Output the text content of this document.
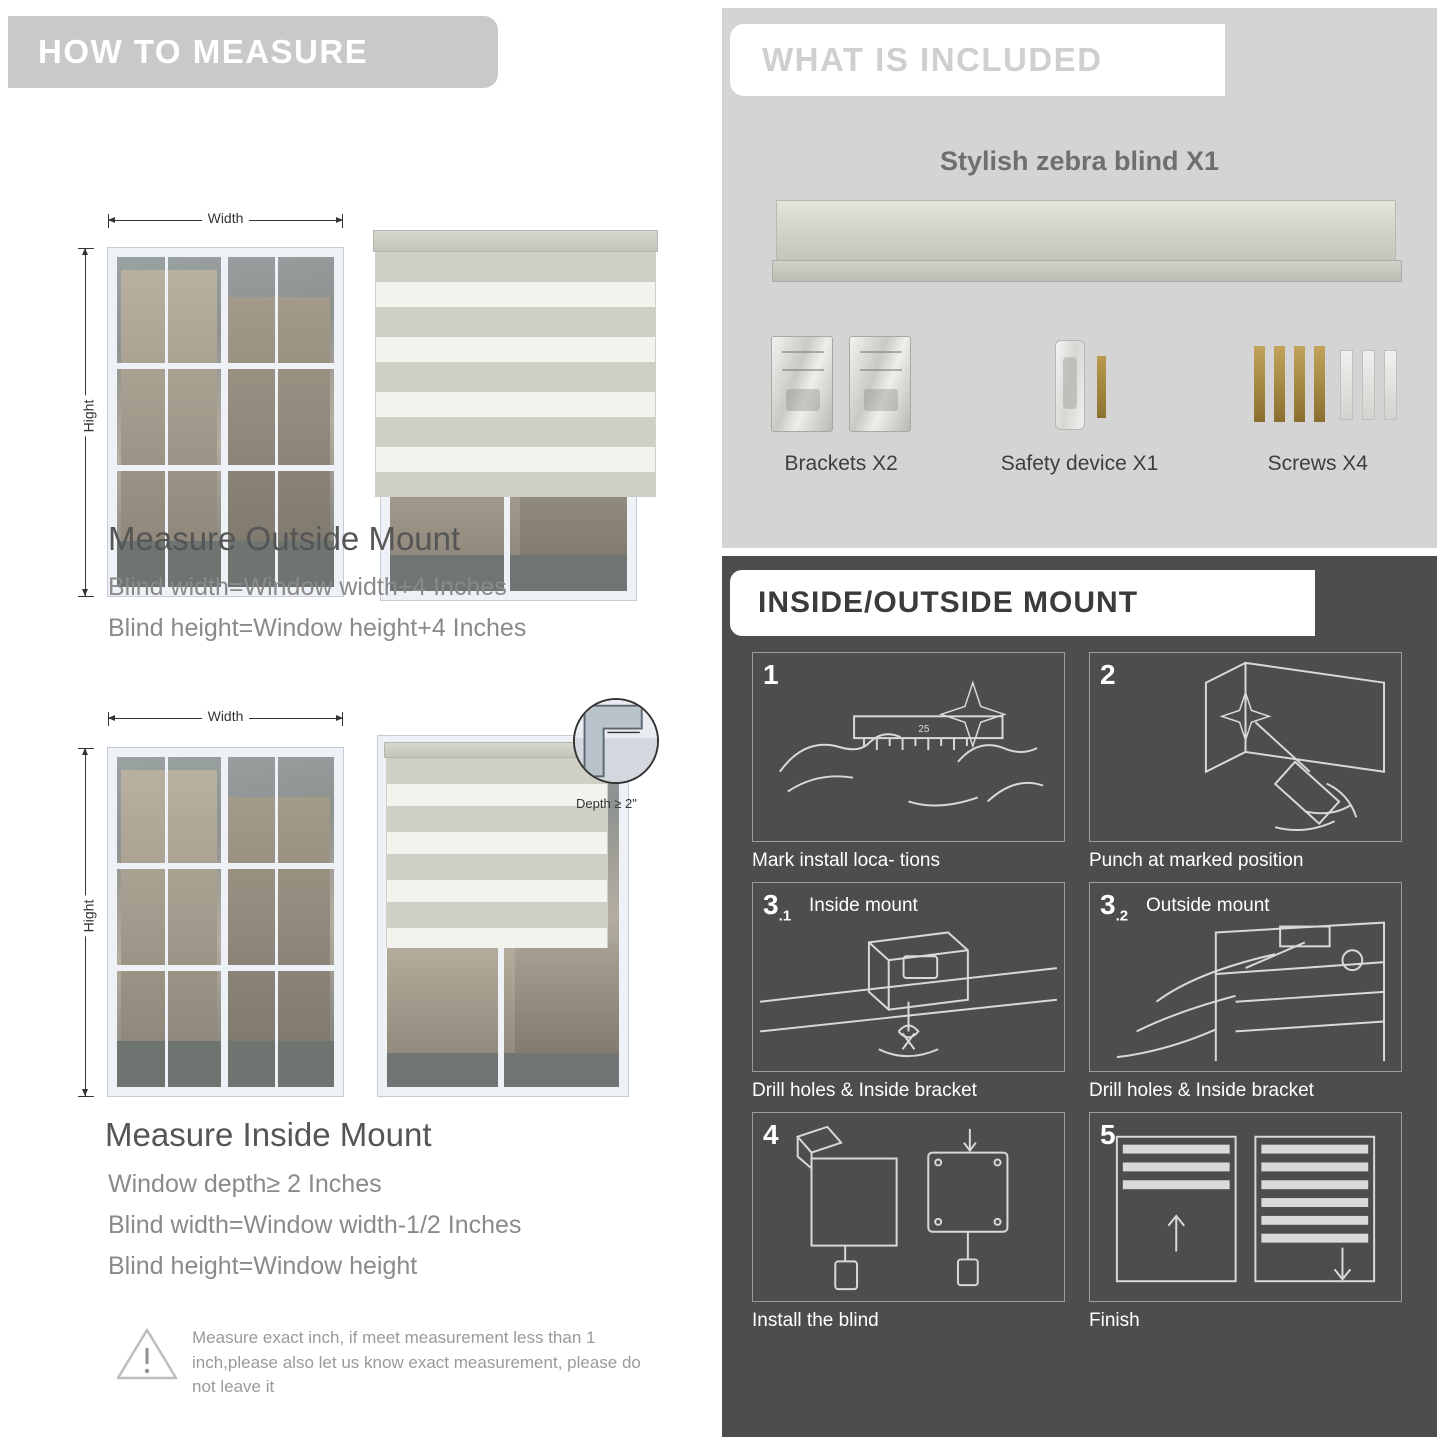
HOW TO MEASURE
Width
Hight
Measure Outside Mount
Blind width=Window width+4 Inches
Blind height=Window height+4 Inches
Width
Hight
Depth ≥ 2"
Measure Inside Mount
Window depth≥ 2 Inches
Blind width=Window width-1/2 Inches
Blind height=Window height
Measure exact inch, if meet measurement less than 1 inch,please also let us know exact measurement, please do not leave it
WHAT IS INCLUDED
Stylish zebra blind X1
Brackets X2	Safety device X1	Screws X4
INSIDE/OUTSIDE MOUNT
1
25
Mark install loca- tions
2
Punch at marked position
$3_{.1}$
Inside mount
Drill holes & Inside bracket
$3_{.2}$
Outside mount
Drill holes & Inside bracket
4
Install the blind
5
Finish
